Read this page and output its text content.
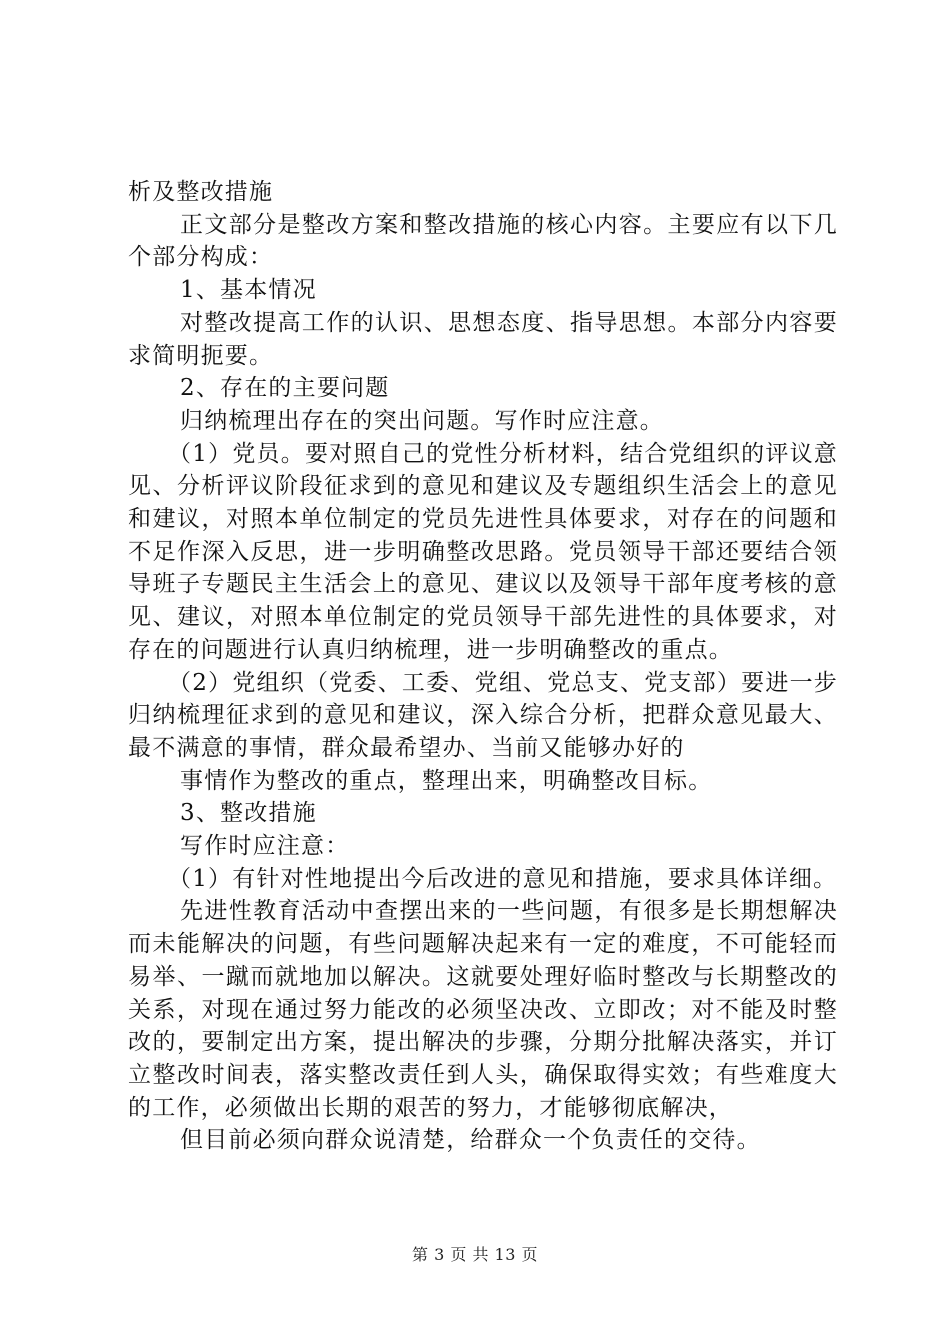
析及整改措施

正文部分是整改方案和整改措施的核心内容。主要应有以下几个部分构成：

1、基本情况

对整改提高工作的认识、思想态度、指导思想。本部分内容要求简明扼要。

2、存在的主要问题

归纳梳理出存在的突出问题。写作时应注意。

（1）党员。要对照自己的党性分析材料，结合党组织的评议意见、分析评议阶段征求到的意见和建议及专题组织生活会上的意见和建议，对照本单位制定的党员先进性具体要求，对存在的问题和不足作深入反思，进一步明确整改思路。党员领导干部还要结合领导班子专题民主生活会上的意见、建议以及领导干部年度考核的意见、建议，对照本单位制定的党员领导干部先进性的具体要求，对存在的问题进行认真归纳梳理，进一步明确整改的重点。

（2）党组织（党委、工委、党组、党总支、党支部）要进一步归纳梳理征求到的意见和建议，深入综合分析，把群众意见最大、最不满意的事情，群众最希望办、当前又能够办好的

事情作为整改的重点，整理出来，明确整改目标。

3、整改措施

写作时应注意：

（1）有针对性地提出今后改进的意见和措施，要求具体详细。

先进性教育活动中查摆出来的一些问题，有很多是长期想解决而未能解决的问题，有些问题解决起来有一定的难度，不可能轻而易举、一蹴而就地加以解决。这就要处理好临时整改与长期整改的关系，对现在通过努力能改的必须坚决改、立即改；对不能及时整改的，要制定出方案，提出解决的步骤，分期分批解决落实，并订立整改时间表，落实整改责任到人头，确保取得实效；有些难度大的工作，必须做出长期的艰苦的努力，才能够彻底解决，

但目前必须向群众说清楚，给群众一个负责任的交待。

第 3 页 共 13 页
